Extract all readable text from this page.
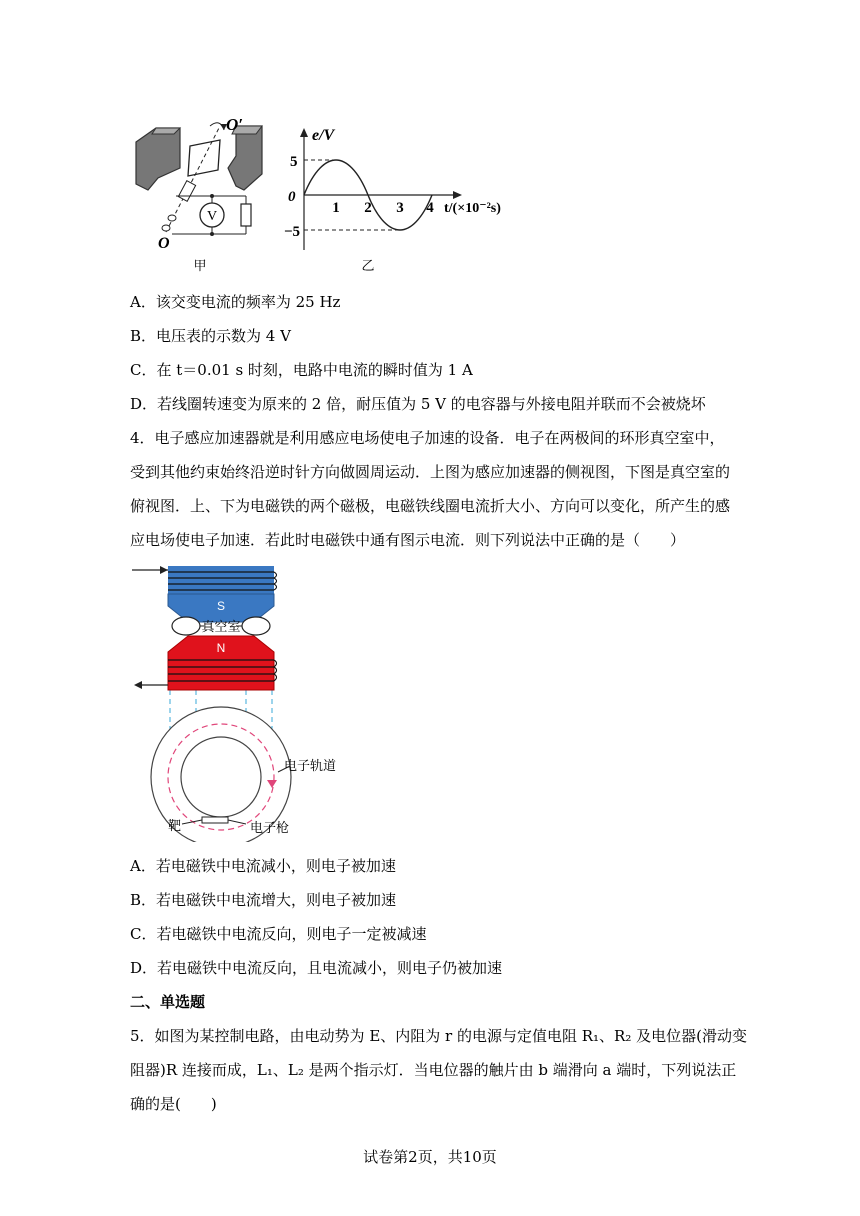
V
O′
O
甲
e/V
0
5
−5
1 2 3 4 t/(×10⁻²s)
乙
A．该交变电流的频率为 25 Hz
B．电压表的示数为 4 V
C．在 t＝0.01 s 时刻，电路中电流的瞬时值为 1 A
D．若线圈转速变为原来的 2 倍，耐压值为 5 V 的电容器与外接电阻并联而不会被烧坏
4．电子感应加速器就是利用感应电场使电子加速的设备．电子在两极间的环形真空室中，
受到其他约束始终沿逆时针方向做圆周运动．上图为感应加速器的侧视图，下图是真空室的
俯视图．上、下为电磁铁的两个磁极，电磁铁线圈电流折大小、方向可以变化，所产生的感
应电场使电子加速．若此时电磁铁中通有图示电流．则下列说法中正确的是（　　）
S
真空室
N
电子轨道
电子枪
靶
A．若电磁铁中电流减小，则电子被加速
B．若电磁铁中电流增大，则电子被加速
C．若电磁铁中电流反向，则电子一定被减速
D．若电磁铁中电流反向，且电流减小，则电子仍被加速
二、单选题
5．如图为某控制电路，由电动势为 E、内阻为 r 的电源与定值电阻 R₁、R₂ 及电位器(滑动变
阻器)R 连接而成，L₁、L₂ 是两个指示灯．当电位器的触片由 b 端滑向 a 端时，下列说法正
确的是(　　)
试卷第2页，共10页
